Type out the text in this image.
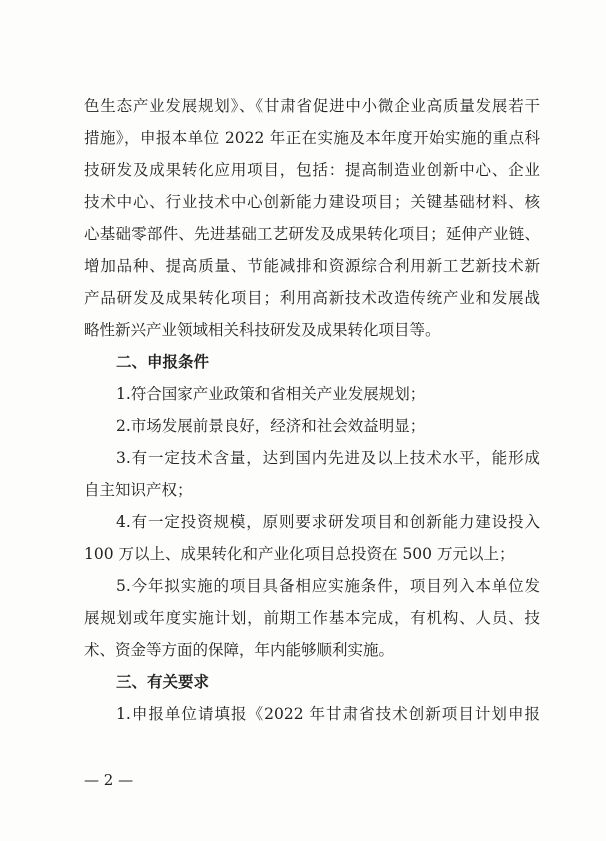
色生态产业发展规划》、《甘肃省促进中小微企业高质量发展若干
措施》，申报本单位 2022 年正在实施及本年度开始实施的重点科
技研发及成果转化应用项目，包括：提高制造业创新中心、企业
技术中心、行业技术中心创新能力建设项目；关键基础材料、核
心基础零部件、先进基础工艺研发及成果转化项目；延伸产业链、
增加品种、提高质量、节能减排和资源综合利用新工艺新技术新
产品研发及成果转化项目；利用高新技术改造传统产业和发展战
略性新兴产业领域相关科技研发及成果转化项目等。
二、申报条件
1.符合国家产业政策和省相关产业发展规划；
2.市场发展前景良好，经济和社会效益明显；
3.有一定技术含量，达到国内先进及以上技术水平，能形成
自主知识产权；
4.有一定投资规模，原则要求研发项目和创新能力建设投入
100 万以上、成果转化和产业化项目总投资在 500 万元以上；
5.今年拟实施的项目具备相应实施条件，项目列入本单位发
展规划或年度实施计划，前期工作基本完成，有机构、人员、技
术、资金等方面的保障，年内能够顺利实施。
三、有关要求
1.申报单位请填报《2022 年甘肃省技术创新项目计划申报
— 2 —
